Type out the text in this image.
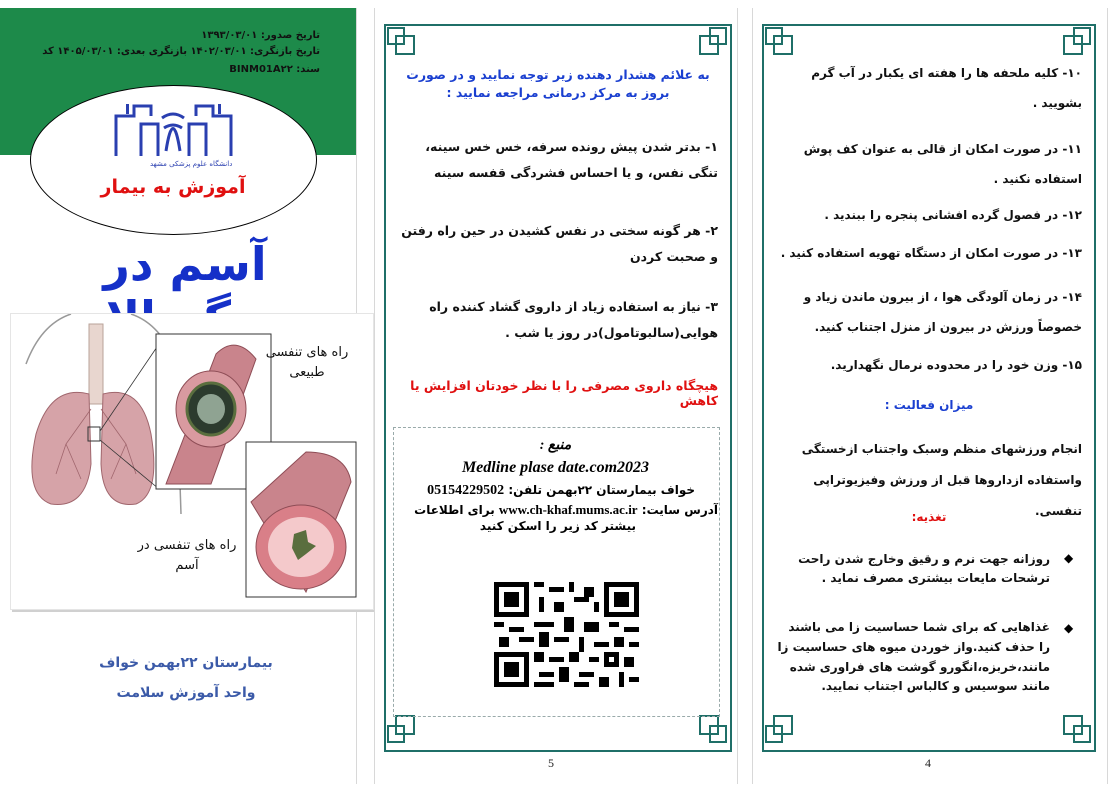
تاریخ صدور: ۱۳۹۳/۰۳/۰۱
تاریخ بازنگری: ۱۴۰۲/۰۳/۰۱ بازنگری بعدی: ۱۴۰۵/۰۳/۰۱ کد
سند: BINM01A۲۲
دانشگاه علوم پزشکی مشهد
آموزش به بیمار
آسم در
راه های تنفسی طبیعی
راه های تنفسی در آسم
بیمارستان ۲۲بهمن خواف
واحد آموزش سلامت
به علائم هشدار دهنده زیر توجه نمایید و در صورت بروز به مرکز درمانی مراجعه نمایید :
۱- بدتر شدن پیش رونده سرفه، خس خس سینه، تنگی نفس، و یا احساس فشردگی قفسه سینه
۲- هر گونه سختی در نفس کشیدن در حین راه رفتن و صحبت کردن
۳- نیاز به استفاده زیاد از داروی گشاد کننده راه هوایی(سالبوتامول)در روز یا شب .
هیچگاه داروی مصرفی را با نظر خودتان افزایش یا کاهش
منبع :
Medline plase date.com2023
05154229502 خواف بیمارستان ۲۲بهمن تلفن:
برای اطلاعات www.ch-khaf.mums.ac.ir آدرس سایت:
بیشتر کد زیر را اسکن کنید
5
۱۰- کلیه ملحفه ها را هفته ای یکبار در آب گرم بشویید .
۱۱- در صورت امکان از قالی به عنوان کف پوش استفاده نکنید .
۱۲- در فصول گرده افشانی پنجره را ببندید .
۱۳- در صورت امکان از دستگاه تهویه استفاده کنید .
۱۴- در زمان آلودگی هوا ، از بیرون ماندن زیاد و خصوصاً ورزش در بیرون از منزل اجتناب کنید.
۱۵- وزن خود را در محدوده نرمال نگهدارید.
میزان فعالیت :
انجام ورزشهای منظم وسبک واجتناب ازخستگی واستفاده ازداروها قبل از ورزش وفیزیوتراپی تنفسی.
تغذیه:
◆
روزانه جهت نرم و رقیق وخارج شدن راحت ترشحات مایعات بیشتری مصرف نماید .
◆
غذاهایی که برای شما حساسیت زا می باشند را حذف کنید.واز خوردن میوه های حساسیت زا مانند،خربزه،انگورو گوشت های فراوری شده مانند سوسیس و کالباس اجتناب نمایید.
4
